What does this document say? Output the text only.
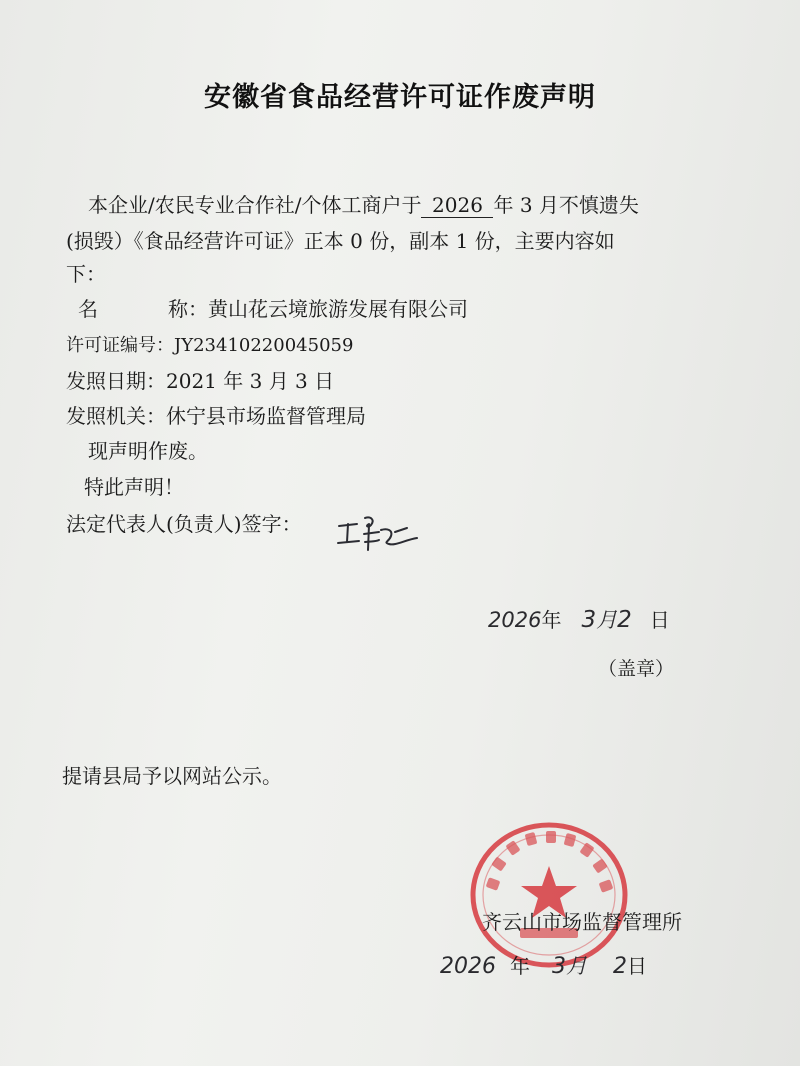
安徽省食品经营许可证作废声明
本企业/农民专业合作社/个体工商户于 2026 年 3 月不慎遗失
(损毁）《食品经营许可证》正本 0 份，副本 1 份，主要内容如
下：
名	称：黄山花云境旅游发展有限公司
许可证编号：JY23410220045059
发照日期：2021 年 3 月 3 日
发照机关：休宁县市场监督管理局
现声明作废。
特此声明！
法定代表人(负责人)签字：
2026年 3月2 日
（盖章）
提请县局予以网站公示。
齐云山市场监督管理所
2026 年 3月 2日
